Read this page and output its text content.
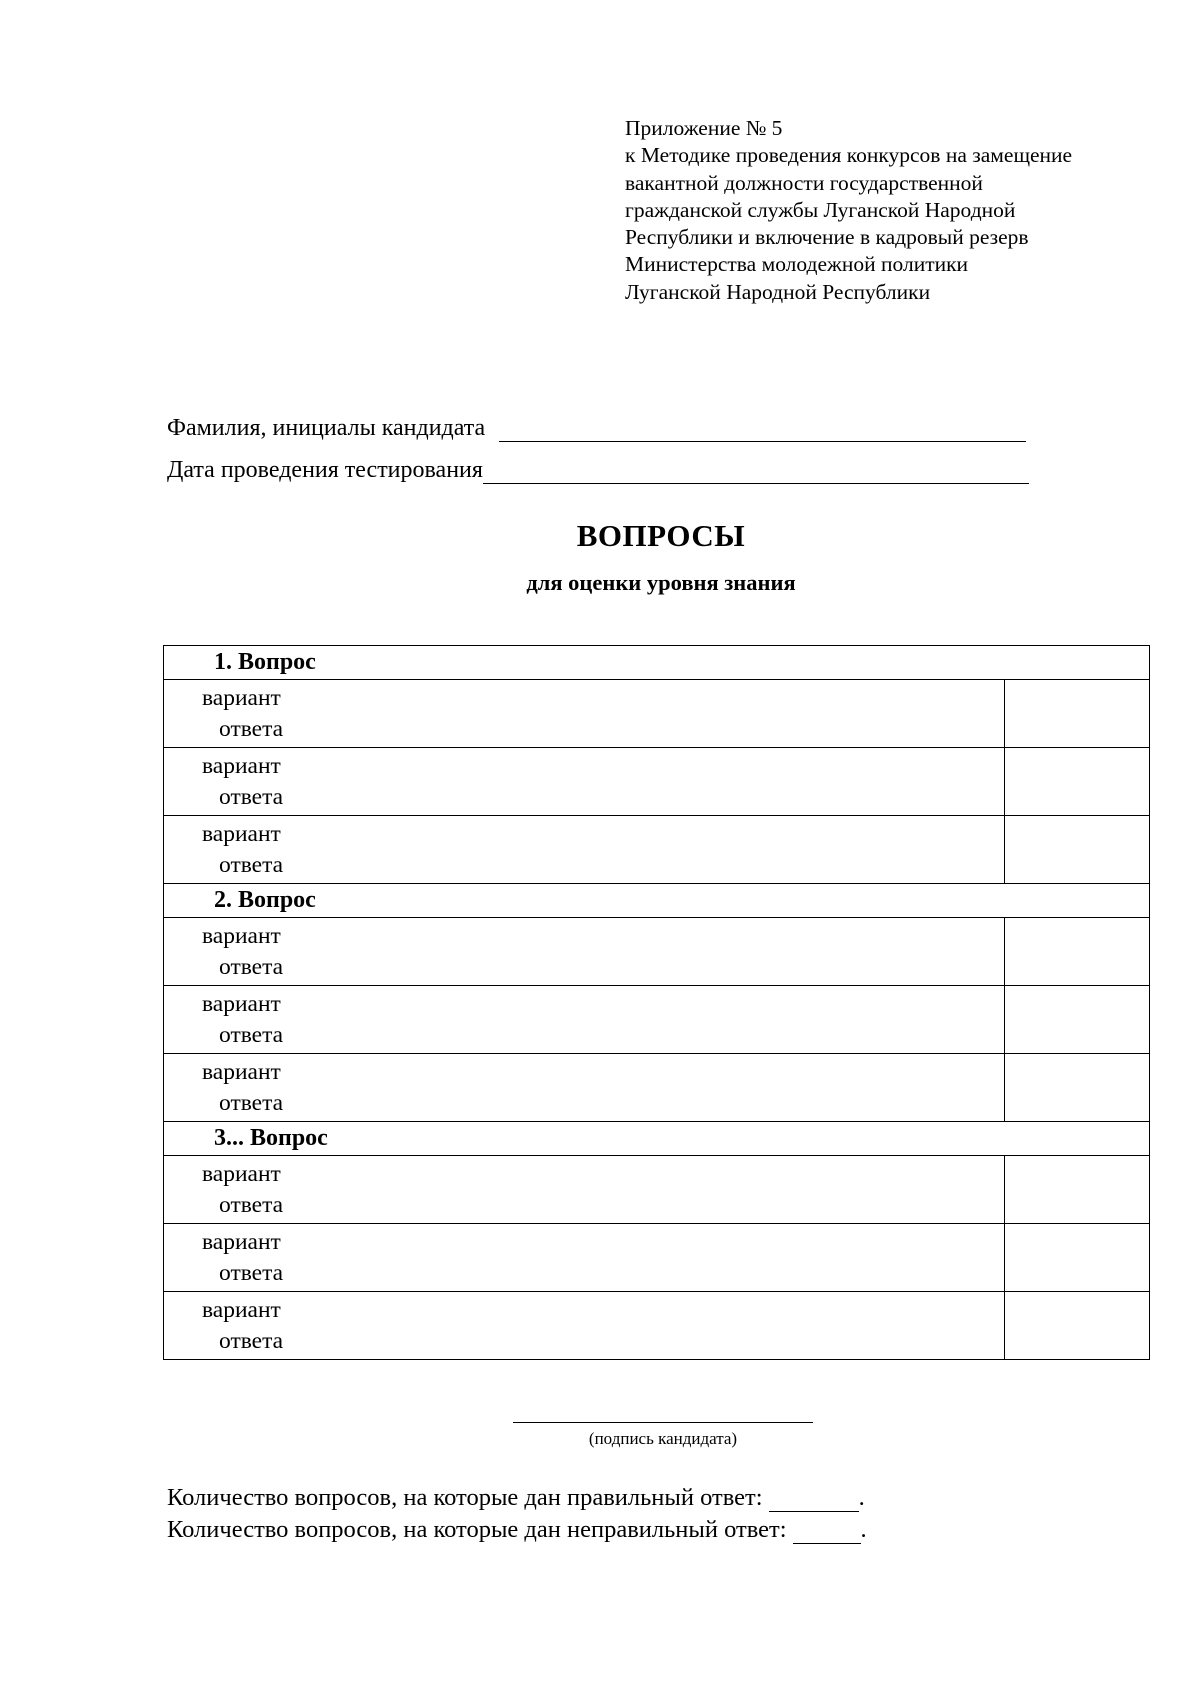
Приложение № 5
к Методике проведения конкурсов на замещение
вакантной должности государственной
гражданской службы Луганской Народной
Республики и включение в кадровый резерв
Министерства молодежной политики
Луганской Народной Республики
Фамилия, инициалы кандидата
Дата проведения тестирования
ВОПРОСЫ
для оценки уровня знания
1. Вопрос	

вариант
ответа	

вариант
ответа	

вариант
ответа	

2. Вопрос	

вариант
ответа	

вариант
ответа	

вариант
ответа	

3... Вопрос	

вариант
ответа	

вариант
ответа	

вариант
ответа	

(подпись кандидата)
Количество вопросов, на которые дан правильный ответ:	.
Количество вопросов, на которые дан неправильный ответ:	.
